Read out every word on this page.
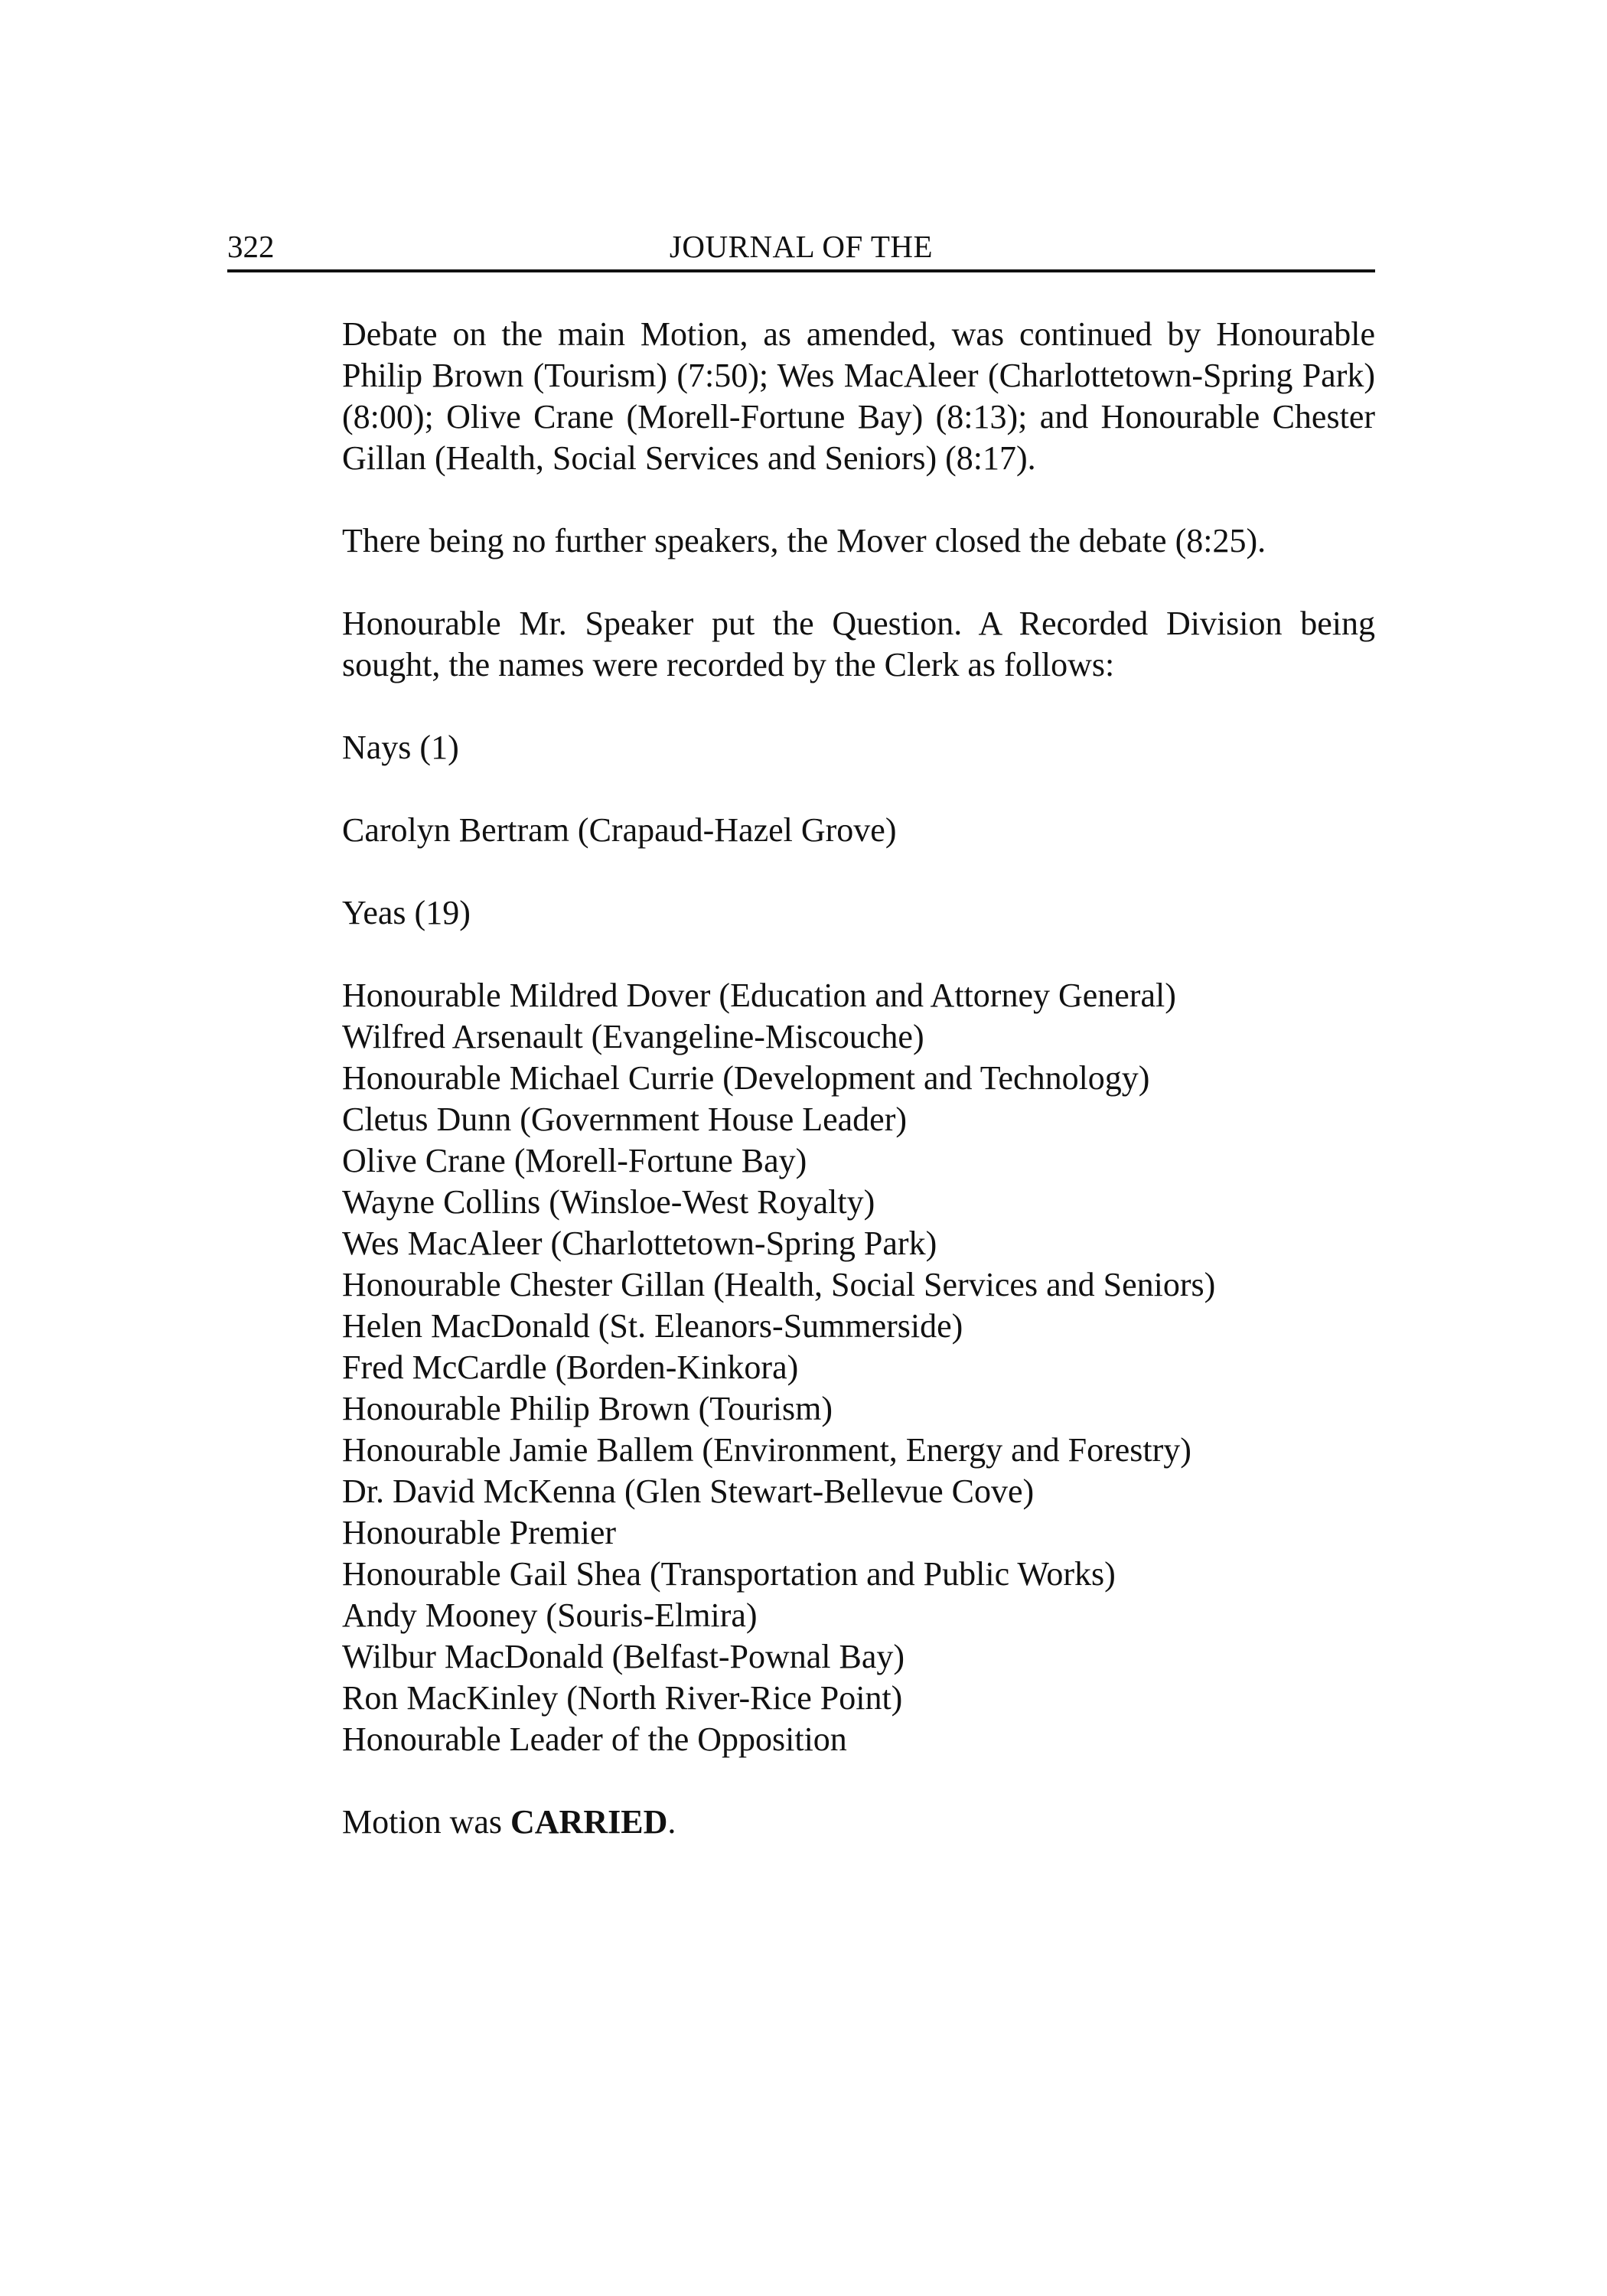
322	JOURNAL OF THE

Debate on the main Motion, as amended, was continued by Honourable Philip Brown (Tourism) (7:50); Wes MacAleer (Charlottetown-Spring Park) (8:00); Olive Crane (Morell-Fortune Bay) (8:13); and Honourable Chester Gillan (Health, Social Services and Seniors) (8:17).

There being no further speakers, the Mover closed the debate (8:25).

Honourable Mr. Speaker put the Question. A Recorded Division being sought, the names were recorded by the Clerk as follows:

Nays (1)
Carolyn Bertram (Crapaud-Hazel Grove)
Yeas (19)
Honourable Mildred Dover (Education and Attorney General)
Wilfred Arsenault (Evangeline-Miscouche)
Honourable Michael Currie (Development and Technology)
Cletus Dunn (Government House Leader)
Olive Crane (Morell-Fortune Bay)
Wayne Collins (Winsloe-West Royalty)
Wes MacAleer (Charlottetown-Spring Park)
Honourable Chester Gillan (Health, Social Services and Seniors)
Helen MacDonald (St. Eleanors-Summerside)
Fred McCardle (Borden-Kinkora)
Honourable Philip Brown (Tourism)
Honourable Jamie Ballem (Environment, Energy and Forestry)
Dr. David McKenna (Glen Stewart-Bellevue Cove)
Honourable Premier
Honourable Gail Shea (Transportation and Public Works)
Andy Mooney (Souris-Elmira)
Wilbur MacDonald (Belfast-Pownal Bay)
Ron MacKinley (North River-Rice Point)
Honourable Leader of the Opposition
Motion was CARRIED.
